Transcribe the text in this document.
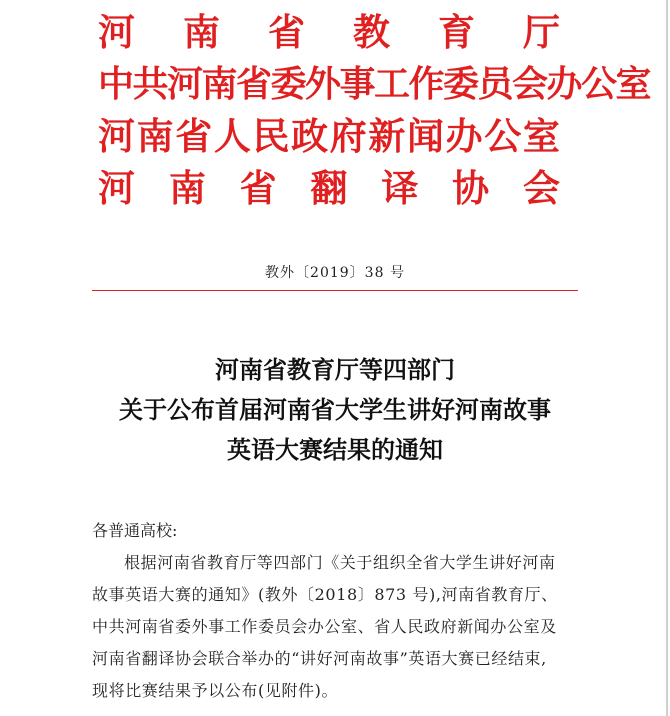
河 南 省 教 育 厅
中共河南省委外事工作委员会办公室
河 南 省 人 民 政 府 新 闻 办 公 室
河 南 省 翻 译 协 会
教外〔2019〕38 号
河南省教育厅等四部门
关于公布首届河南省大学生讲好河南故事
英语大赛结果的通知
各普通高校:
根据河南省教育厅等四部门《关于组织全省大学生讲好河南
故事英语大赛的通知》(教外〔2018〕873 号),河南省教育厅、
中共河南省委外事工作委员会办公室、省人民政府新闻办公室及
河南省翻译协会联合举办的“讲好河南故事”英语大赛已经结束,
现将比赛结果予以公布(见附件)。
